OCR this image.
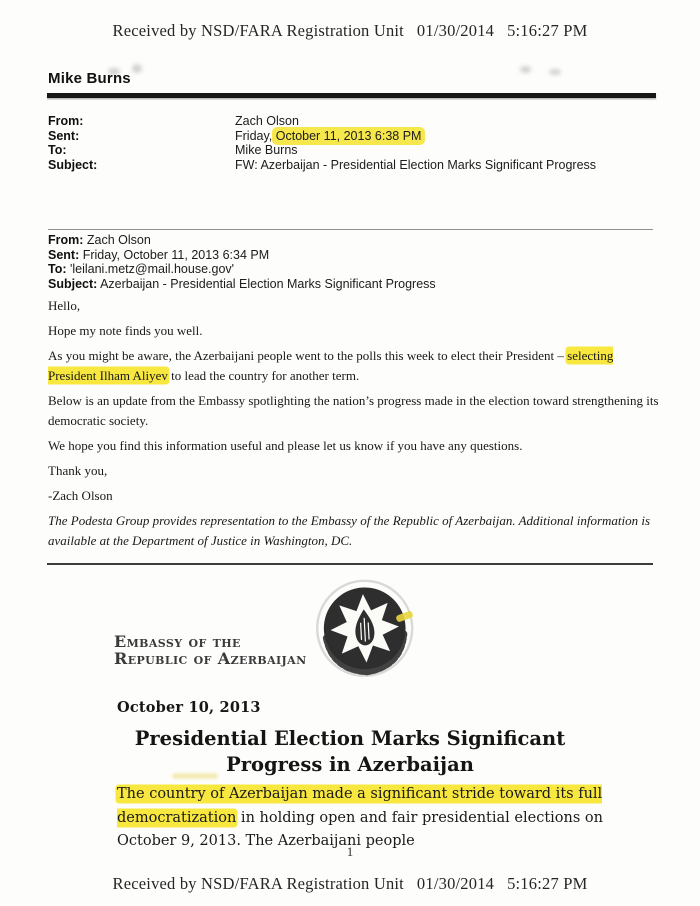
Received by NSD/FARA Registration Unit   01/30/2014   5:16:27 PM
Mike Burns
From:	Zach Olson
Sent:	Friday, October 11, 2013 6:38 PM
To:	Mike Burns
Subject:	FW: Azerbaijan - Presidential Election Marks Significant Progress
From: Zach Olson
Sent: Friday, October 11, 2013 6:34 PM
To: 'leilani.metz@mail.house.gov'
Subject: Azerbaijan - Presidential Election Marks Significant Progress

Hello,

Hope my note finds you well.

As you might be aware, the Azerbaijani people went to the polls this week to elect their President – selecting President Ilham Aliyev to lead the country for another term.

Below is an update from the Embassy spotlighting the nation’s progress made in the election toward strengthening its democratic society.

We hope you find this information useful and please let us know if you have any questions.

Thank you,

-Zach Olson

The Podesta Group provides representation to the Embassy of the Republic of Azerbaijan. Additional information is available at the Department of Justice in Washington, DC.

Embassy of the
Republic of Azerbaijan
October 10, 2013
Presidential Election Marks Significant Progress in Azerbaijan
The country of Azerbaijan made a significant stride toward its full democratization in holding open and fair presidential elections on October 9, 2013. The Azerbaijani people
1
Received by NSD/FARA Registration Unit   01/30/2014   5:16:27 PM
